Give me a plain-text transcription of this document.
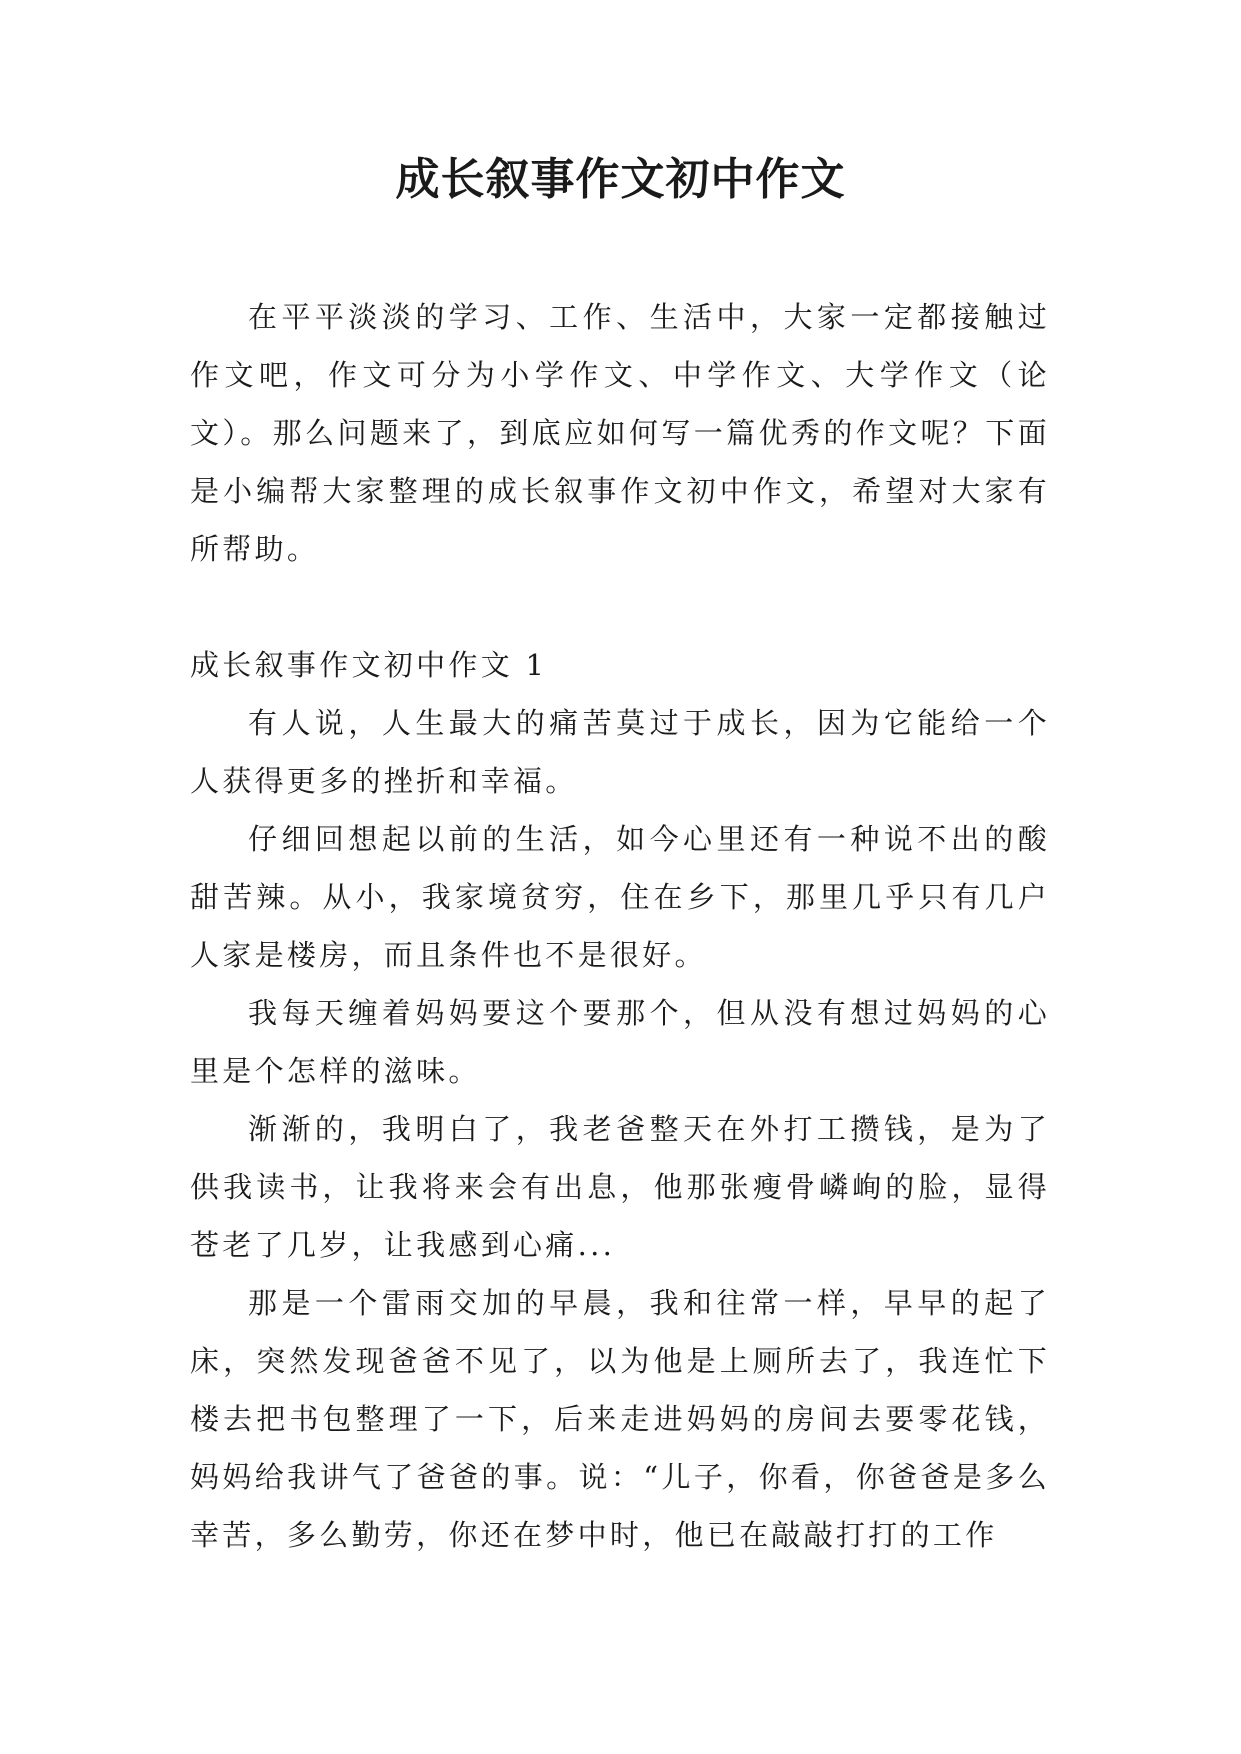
成长叙事作文初中作文

在平平淡淡的学习、工作、生活中，大家一定都接触过作文吧，作文可分为小学作文、中学作文、大学作文（论文）。那么问题来了，到底应如何写一篇优秀的作文呢？下面是小编帮大家整理的成长叙事作文初中作文，希望对大家有所帮助。

成长叙事作文初中作文 1

有人说，人生最大的痛苦莫过于成长，因为它能给一个人获得更多的挫折和幸福。

仔细回想起以前的生活，如今心里还有一种说不出的酸甜苦辣。从小，我家境贫穷，住在乡下，那里几乎只有几户人家是楼房，而且条件也不是很好。

我每天缠着妈妈要这个要那个，但从没有想过妈妈的心里是个怎样的滋味。

渐渐的，我明白了，我老爸整天在外打工攒钱，是为了供我读书，让我将来会有出息，他那张瘦骨嶙峋的脸，显得苍老了几岁，让我感到心痛...

那是一个雷雨交加的早晨，我和往常一样，早早的起了床，突然发现爸爸不见了，以为他是上厕所去了，我连忙下楼去把书包整理了一下，后来走进妈妈的房间去要零花钱，妈妈给我讲气了爸爸的事。说：“儿子，你看，你爸爸是多么幸苦，多么勤劳，你还在梦中时，他已在敲敲打打的工作
